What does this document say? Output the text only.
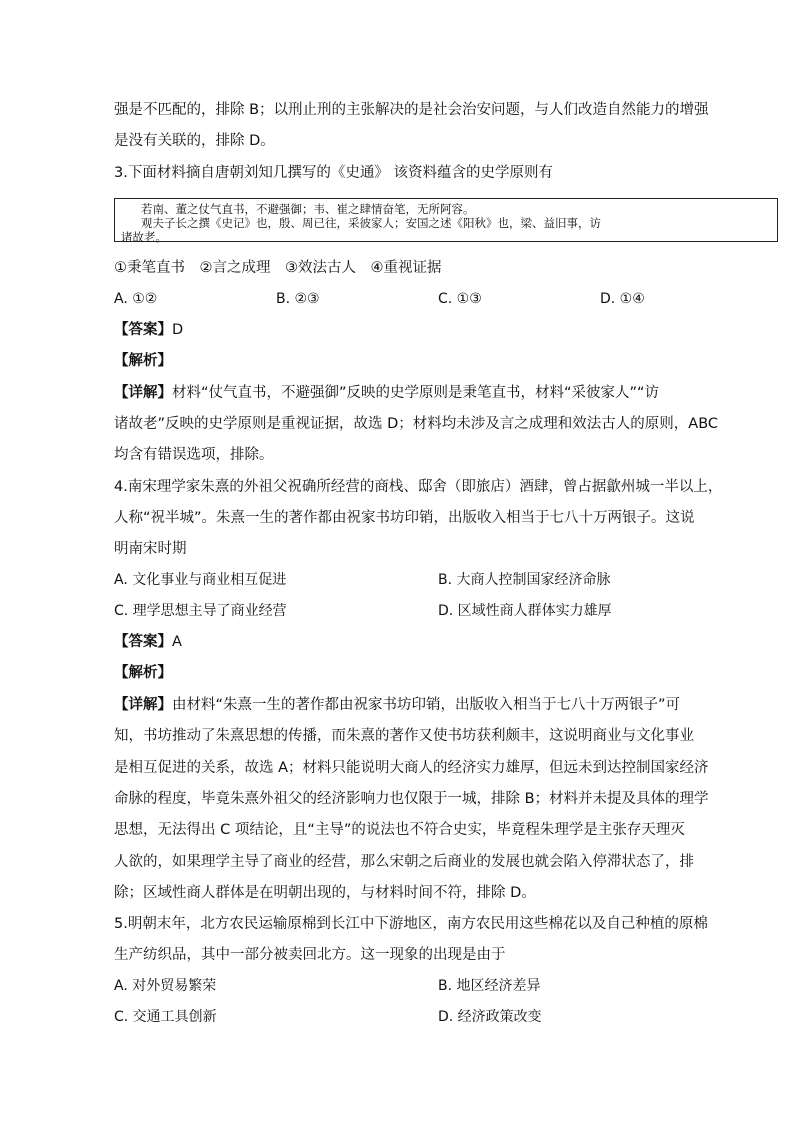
强是不匹配的，排除 B；以刑止刑的主张解决的是社会治安问题，与人们改造自然能力的增强
是没有关联的，排除 D。
3.下面材料摘自唐朝刘知几撰写的《史通》 该资料蕴含的史学原则有
若南、董之仗气直书，不避强御；韦、崔之肆情奋笔，无所阿容。
观夫子长之撰《史记》也，殷、周已往，采彼家人；安国之述《阳秋》也，梁、益旧事，访
诸故老。
①秉笔直书　②言之成理　③效法古人　④重视证据
A. ①②	B. ②③	C. ①③	D. ①④
【答案】D
【解析】
【详解】材料“仗气直书，不避强御”反映的史学原则是秉笔直书，材料“采彼家人”“访
诸故老”反映的史学原则是重视证据，故选 D；材料均未涉及言之成理和效法古人的原则，ABC
均含有错误选项，排除。
4.南宋理学家朱熹的外祖父祝确所经营的商栈、邸舍（即旅店）酒肆，曾占据歙州城一半以上，
人称“祝半城”。朱熹一生的著作都由祝家书坊印销，出版收入相当于七八十万两银子。这说
明南宋时期
A. 文化事业与商业相互促进	B. 大商人控制国家经济命脉
C. 理学思想主导了商业经营	D. 区域性商人群体实力雄厚
【答案】A
【解析】
【详解】由材料“朱熹一生的著作都由祝家书坊印销，出版收入相当于七八十万两银子”可
知，书坊推动了朱熹思想的传播，而朱熹的著作又使书坊获利颇丰，这说明商业与文化事业
是相互促进的关系，故选 A；材料只能说明大商人的经济实力雄厚，但远未到达控制国家经济
命脉的程度，毕竟朱熹外祖父的经济影响力也仅限于一城，排除 B；材料并未提及具体的理学
思想，无法得出 C 项结论，且“主导”的说法也不符合史实，毕竟程朱理学是主张存天理灭
人欲的，如果理学主导了商业的经营，那么宋朝之后商业的发展也就会陷入停滞状态了，排
除；区域性商人群体是在明朝出现的，与材料时间不符，排除 D。
5.明朝末年，北方农民运输原棉到长江中下游地区，南方农民用这些棉花以及自己种植的原棉
生产纺织品，其中一部分被卖回北方。这一现象的出现是由于
A. 对外贸易繁荣	B. 地区经济差异
C. 交通工具创新	D. 经济政策改变
